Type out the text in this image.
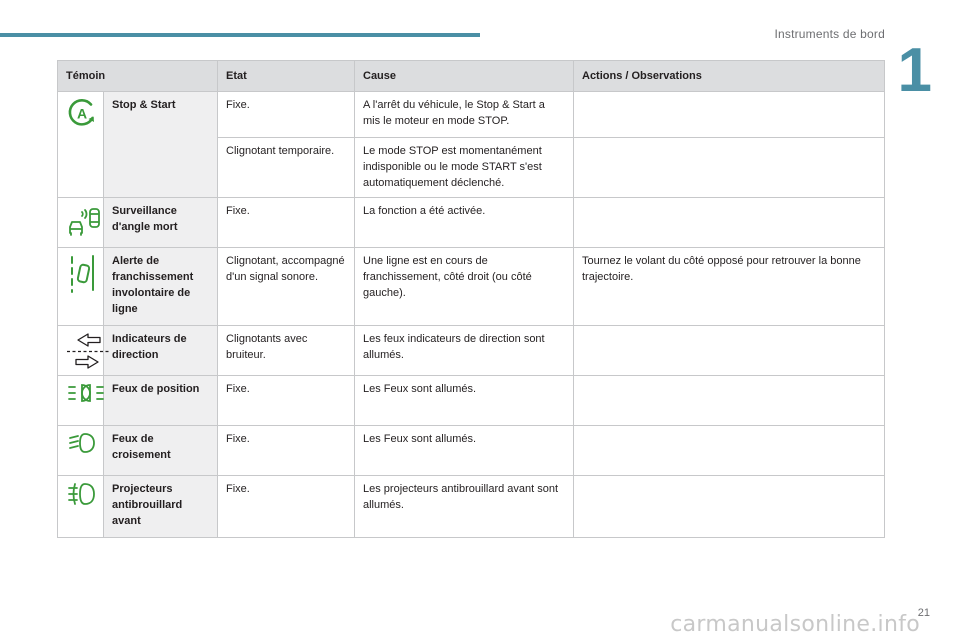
Instruments de bord
1
Témoin		Etat	Cause	Actions / Observations

A	Stop & Start	Fixe.	A l'arrêt du véhicule, le Stop & Start a mis le moteur en mode STOP.	
		Clignotant temporaire.	Le mode STOP est momentanément indisponible ou le mode START s'est automatiquement déclenché.	

	Surveillance d'angle mort	Fixe.	La fonction a été activée.	

	Alerte de franchissement involontaire de ligne	Clignotant, accompagné d'un signal sonore.	Une ligne est en cours de franchissement, côté droit (ou côté gauche).	Tournez le volant du côté opposé pour retrouver la bonne trajectoire.

	Indicateurs de direction	Clignotants avec bruiteur.	Les feux indicateurs de direction sont allumés.	

	Feux de position	Fixe.	Les Feux sont allumés.	

	Feux de croisement	Fixe.	Les Feux sont allumés.	

	Projecteurs antibrouillard avant	Fixe.	Les projecteurs antibrouillard avant sont allumés.	
21
carmanualsonline.info
